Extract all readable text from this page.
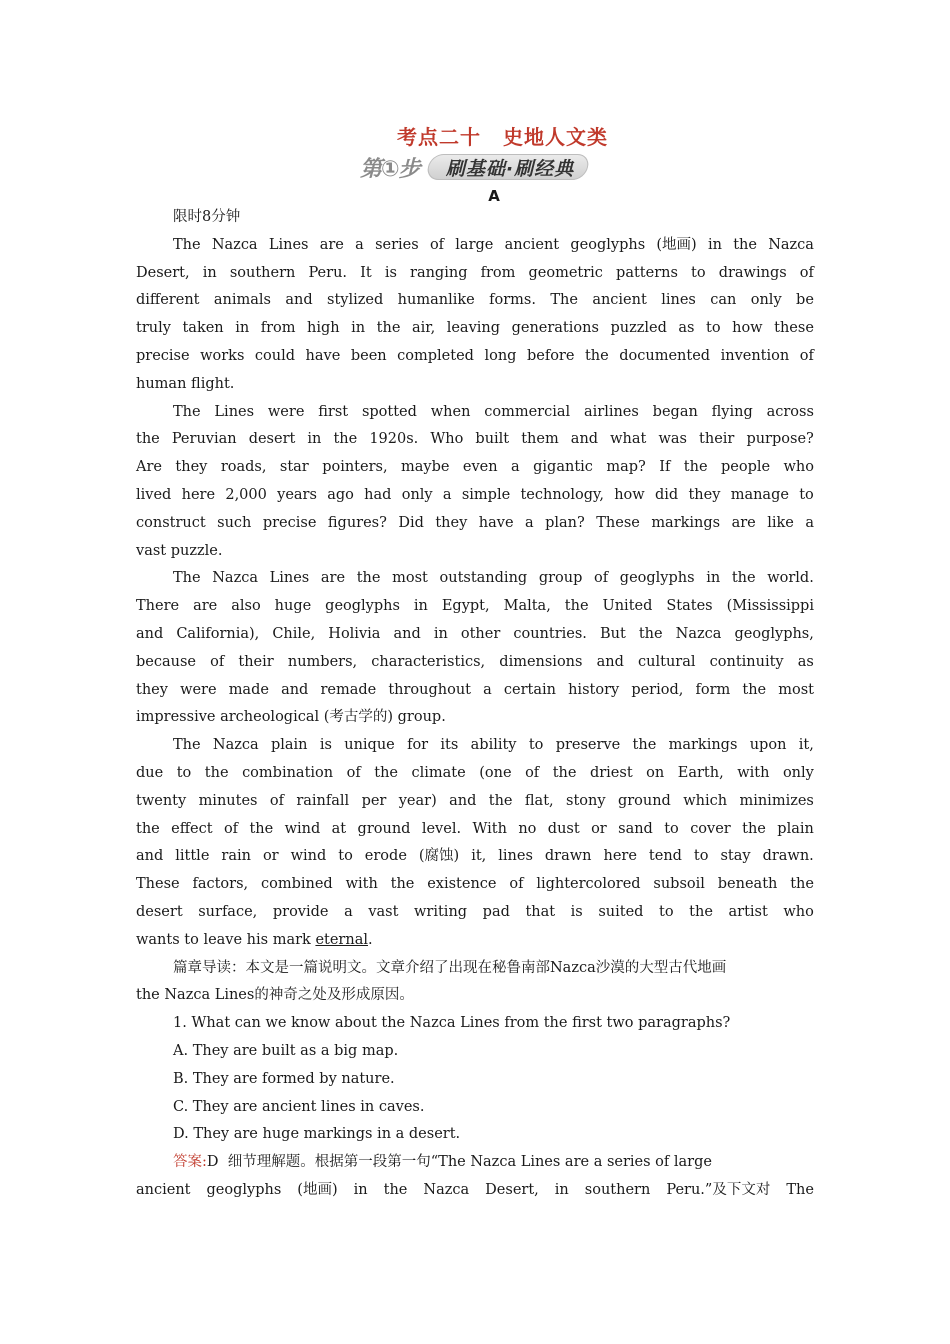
考点二十 史地人文类
第①步 刷基础·刷经典
A
限时8分钟
The Nazca Lines are a series of large ancient geoglyphs (地画) in the Nazca
Desert, in southern Peru. It is ranging from geometric patterns to drawings of
different animals and stylized humanlike forms. The ancient lines can only be
truly taken in from high in the air, leaving generations puzzled as to how these
precise works could have been completed long before the documented invention of
human flight.
The Lines were first spotted when commercial airlines began flying across
the Peruvian desert in the 1920s. Who built them and what was their purpose?
Are they roads, star pointers, maybe even a gigantic map? If the people who
lived here 2,000 years ago had only a simple technology, how did they manage to
construct such precise figures? Did they have a plan? These markings are like a
vast puzzle.
The Nazca Lines are the most outstanding group of geoglyphs in the world.
There are also huge geoglyphs in Egypt, Malta, the United States (Mississippi
and California), Chile, Holivia and in other countries. But the Nazca geoglyphs,
because of their numbers, characteristics, dimensions and cultural continuity as
they were made and remade throughout a certain history period, form the most
impressive archeological (考古学的) group.
The Nazca plain is unique for its ability to preserve the markings upon it,
due to the combination of the climate (one of the driest on Earth, with only
twenty minutes of rainfall per year) and the flat, stony ground which minimizes
the effect of the wind at ground level. With no dust or sand to cover the plain
and little rain or wind to erode (腐蚀) it, lines drawn here tend to stay drawn.
These factors, combined with the existence of lightercolored subsoil beneath the
desert surface, provide a vast writing pad that is suited to the artist who
wants to leave his mark eternal.
篇章导读：本文是一篇说明文。文章介绍了出现在秘鲁南部Nazca沙漠的大型古代地画
the Nazca Lines的神奇之处及形成原因。
1. What can we know about the Nazca Lines from the first two paragraphs?
A. They are built as a big map.
B. They are formed by nature.
C. They are ancient lines in caves.
D. They are huge markings in a desert.
答案:D  细节理解题。根据第一段第一句“The Nazca Lines are a series of large
ancient geoglyphs (地画) in the Nazca Desert, in southern Peru.”及下文对 The
